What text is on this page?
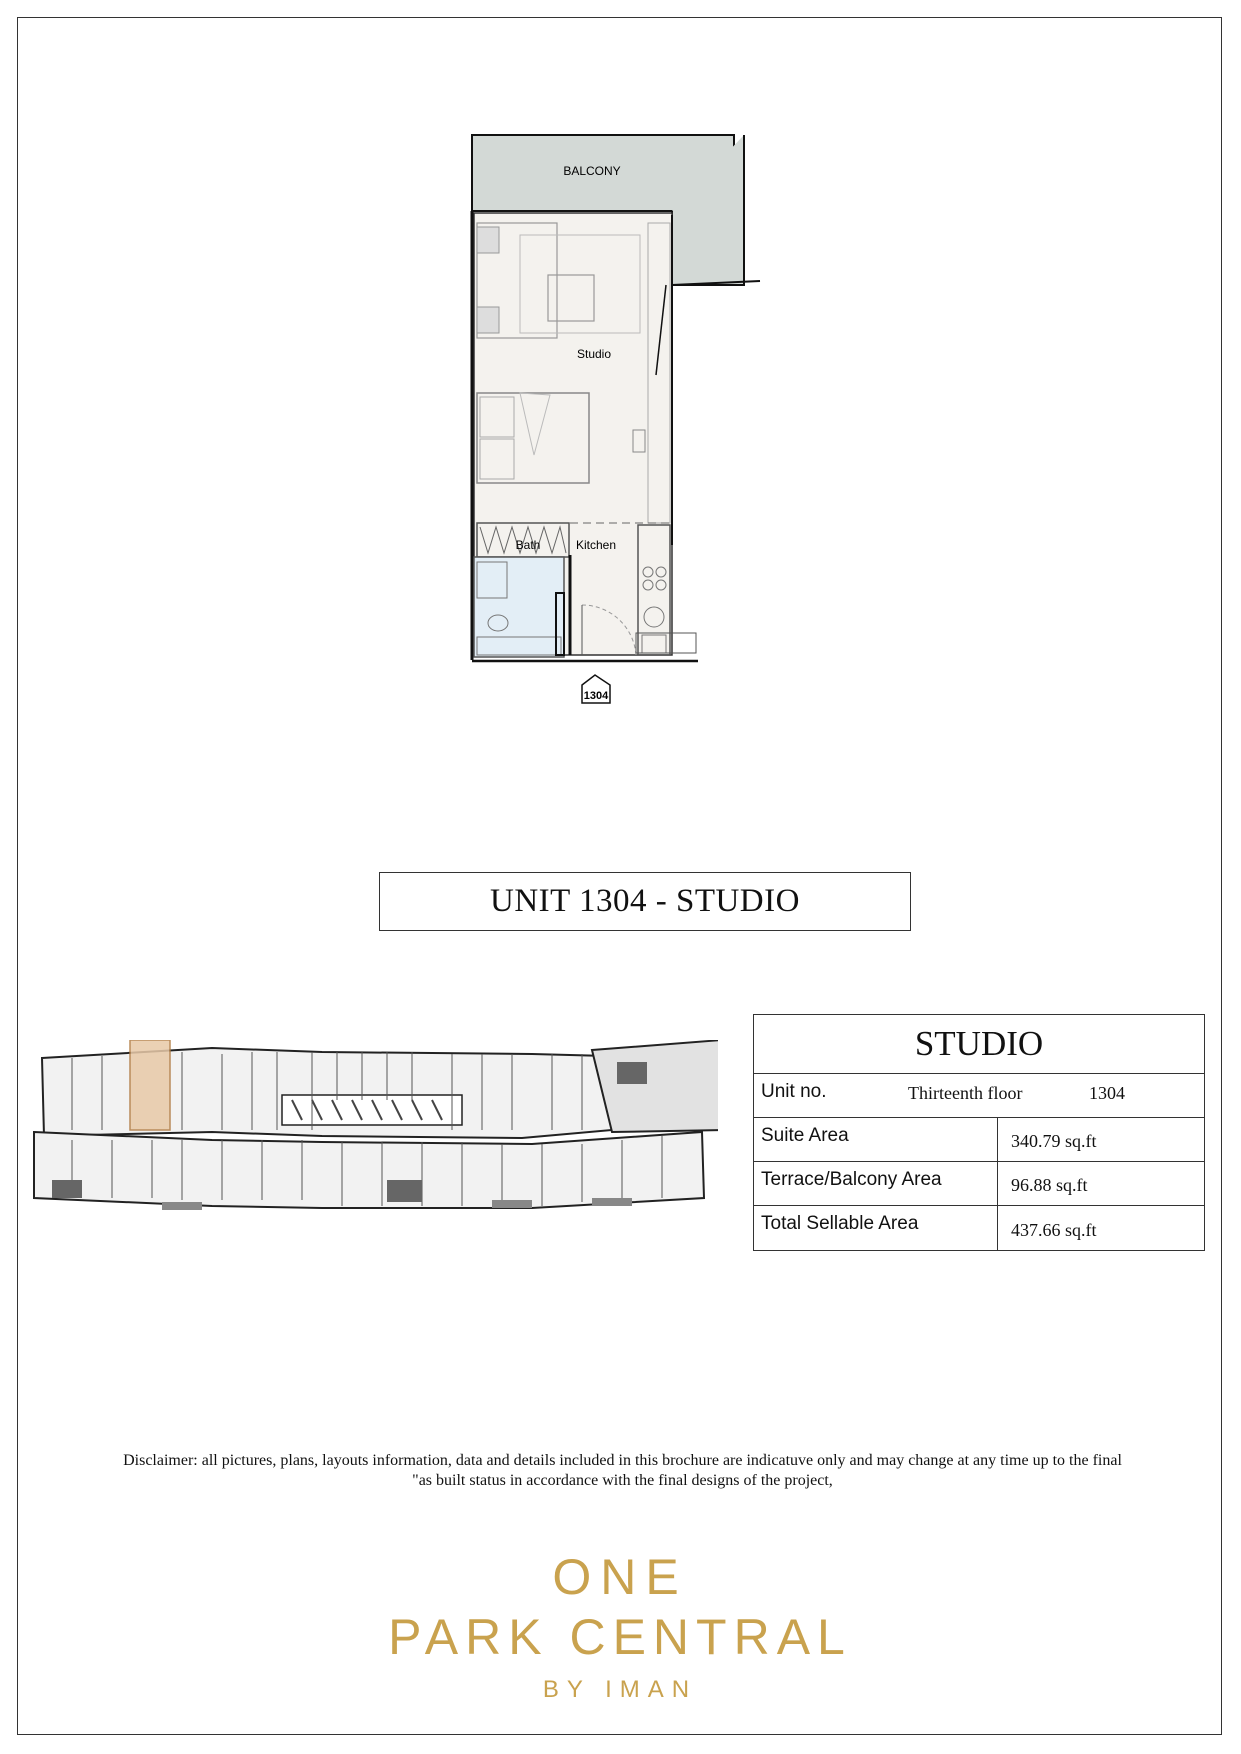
1304
BALCONY
Studio
Bath	Kitchen
UNIT 1304 - STUDIO
STUDIO
Unit no.	Thirteenth floor	1304
Suite Area	340.79 sq.ft
Terrace/Balcony Area	96.88 sq.ft
Total Sellable Area	437.66 sq.ft
Disclaimer: all pictures, plans, layouts information, data and details included in this brochure are indicatuve only and may change at any time up to the final
"as built status in accordance with the final designs of the project,
ONE
PARK CENTRAL
BY IMAN
